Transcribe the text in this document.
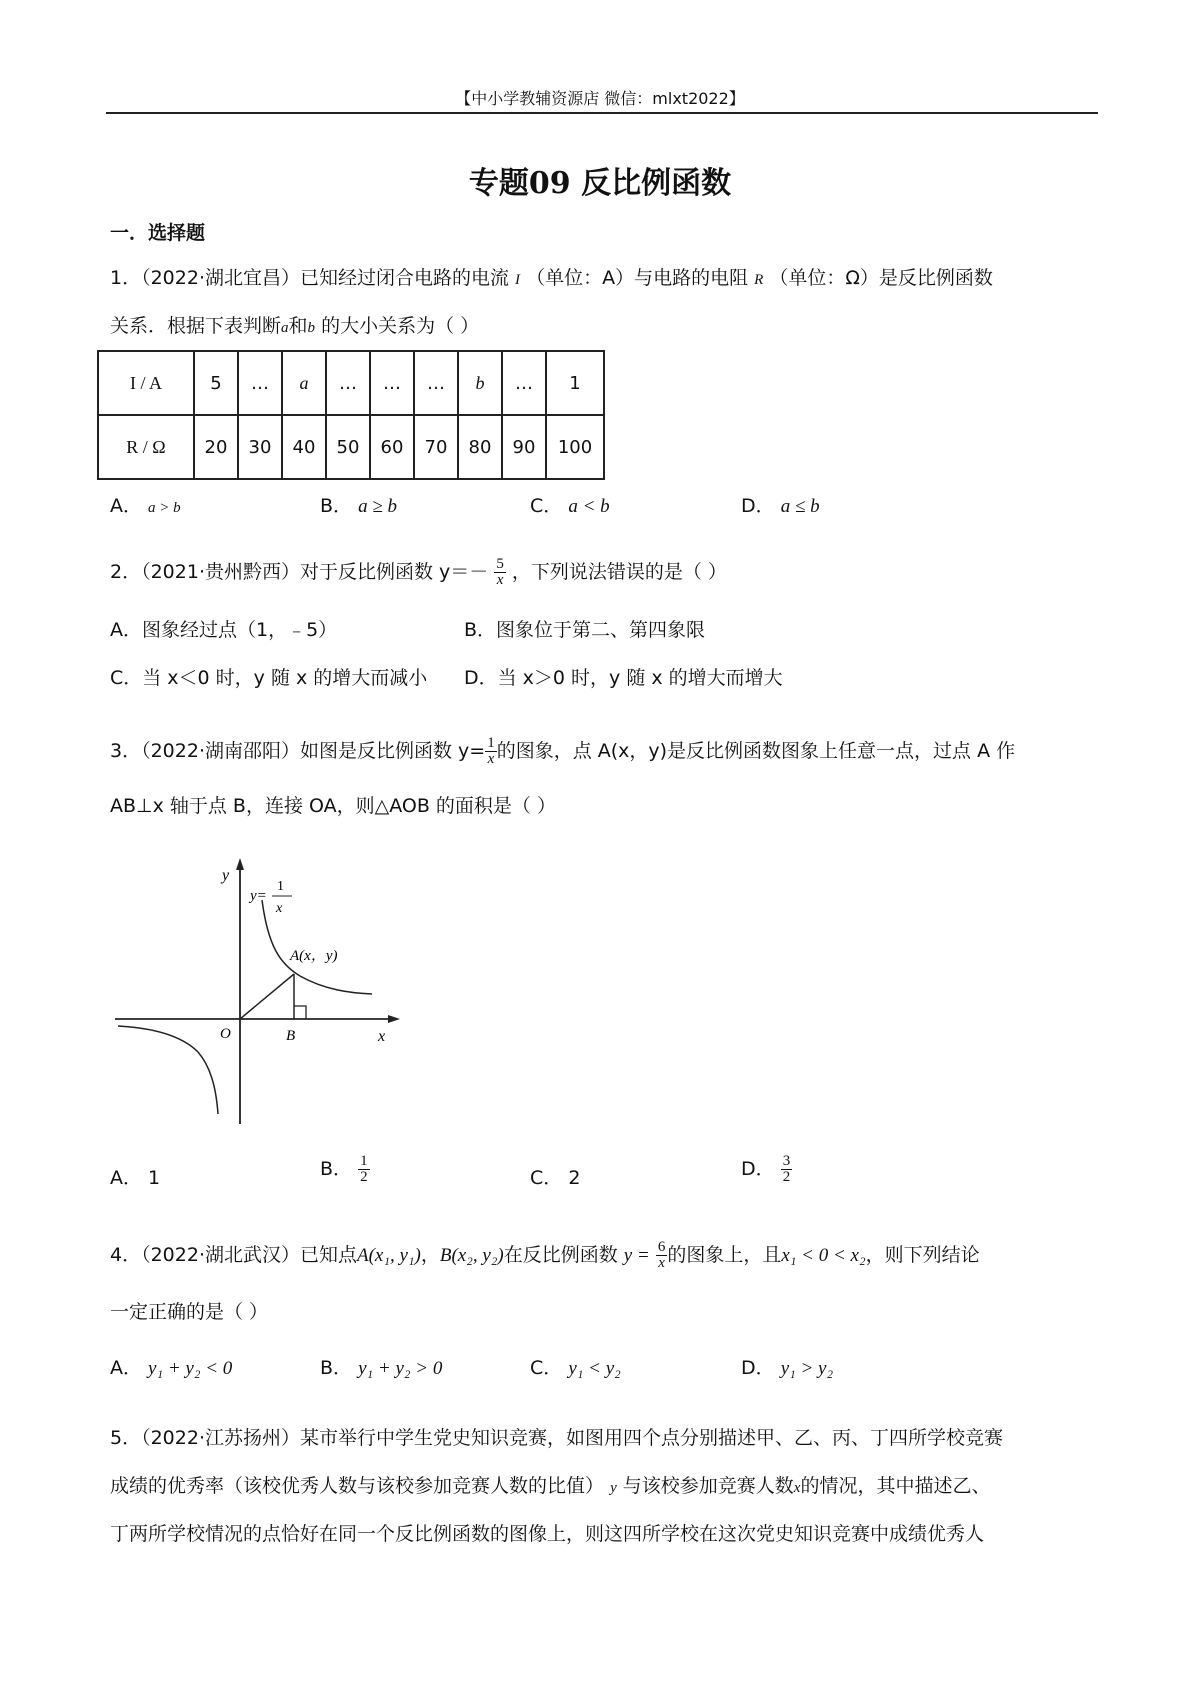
【中小学教辅资源店 微信：mlxt2022】
专题09 反比例函数
一．选择题
1．（2022·湖北宜昌）已知经过闭合电路的电流 I （单位：A）与电路的电阻 R （单位：Ω）是反比例函数
关系．根据下表判断a和b 的大小关系为（ ）
I / A	5	…	a	…	…	…	b	…	1
R / Ω	20	30	40	50	60	70	80	90	100
A． a > b	B． a ≥ b	C． a < b	D． a ≤ b
2．（2021·贵州黔西）对于反比例函数 $y=- \frac{5}{x}$ ，下列说法错误的是（ ）
A．图象经过点（1，﹣5）	B．图象位于第二、第四象限
C．当 x＜0 时，y 随 x 的增大而减小 D．当 x＞0 时，y 随 x 的增大而增大
3．（2022·湖南邵阳）如图是反比例函数 $y= \frac{1}{x}$ 的图象，点 A(x，y)是反比例函数图象上任意一点，过点 A 作
AB⊥x 轴于点 B，连接 OA，则△AOB 的面积是（ ）
y
x
O	B
A(x，y)
y=
1
x
A． 1	B． $\frac{1}{2}$	C． 2	D． $\frac{3}{2}$
4．（2022·湖北武汉）已知点A(x₁, y₁)，B(x₂, y₂)在反比例函数 $y = \frac{6}{x}$ 的图象上，且x₁ < 0 < x₂，则下列结论
一定正确的是（ ）
A． y₁ + y₂ < 0	B． y₁ + y₂ > 0	C． y₁ < y₂	D． y₁ > y₂
5．（2022·江苏扬州）某市举行中学生党史知识竞赛，如图用四个点分别描述甲、乙、丙、丁四所学校竞赛
成绩的优秀率（该校优秀人数与该校参加竞赛人数的比值） y 与该校参加竞赛人数x的情况，其中描述乙、
丁两所学校情况的点恰好在同一个反比例函数的图像上，则这四所学校在这次党史知识竞赛中成绩优秀人
